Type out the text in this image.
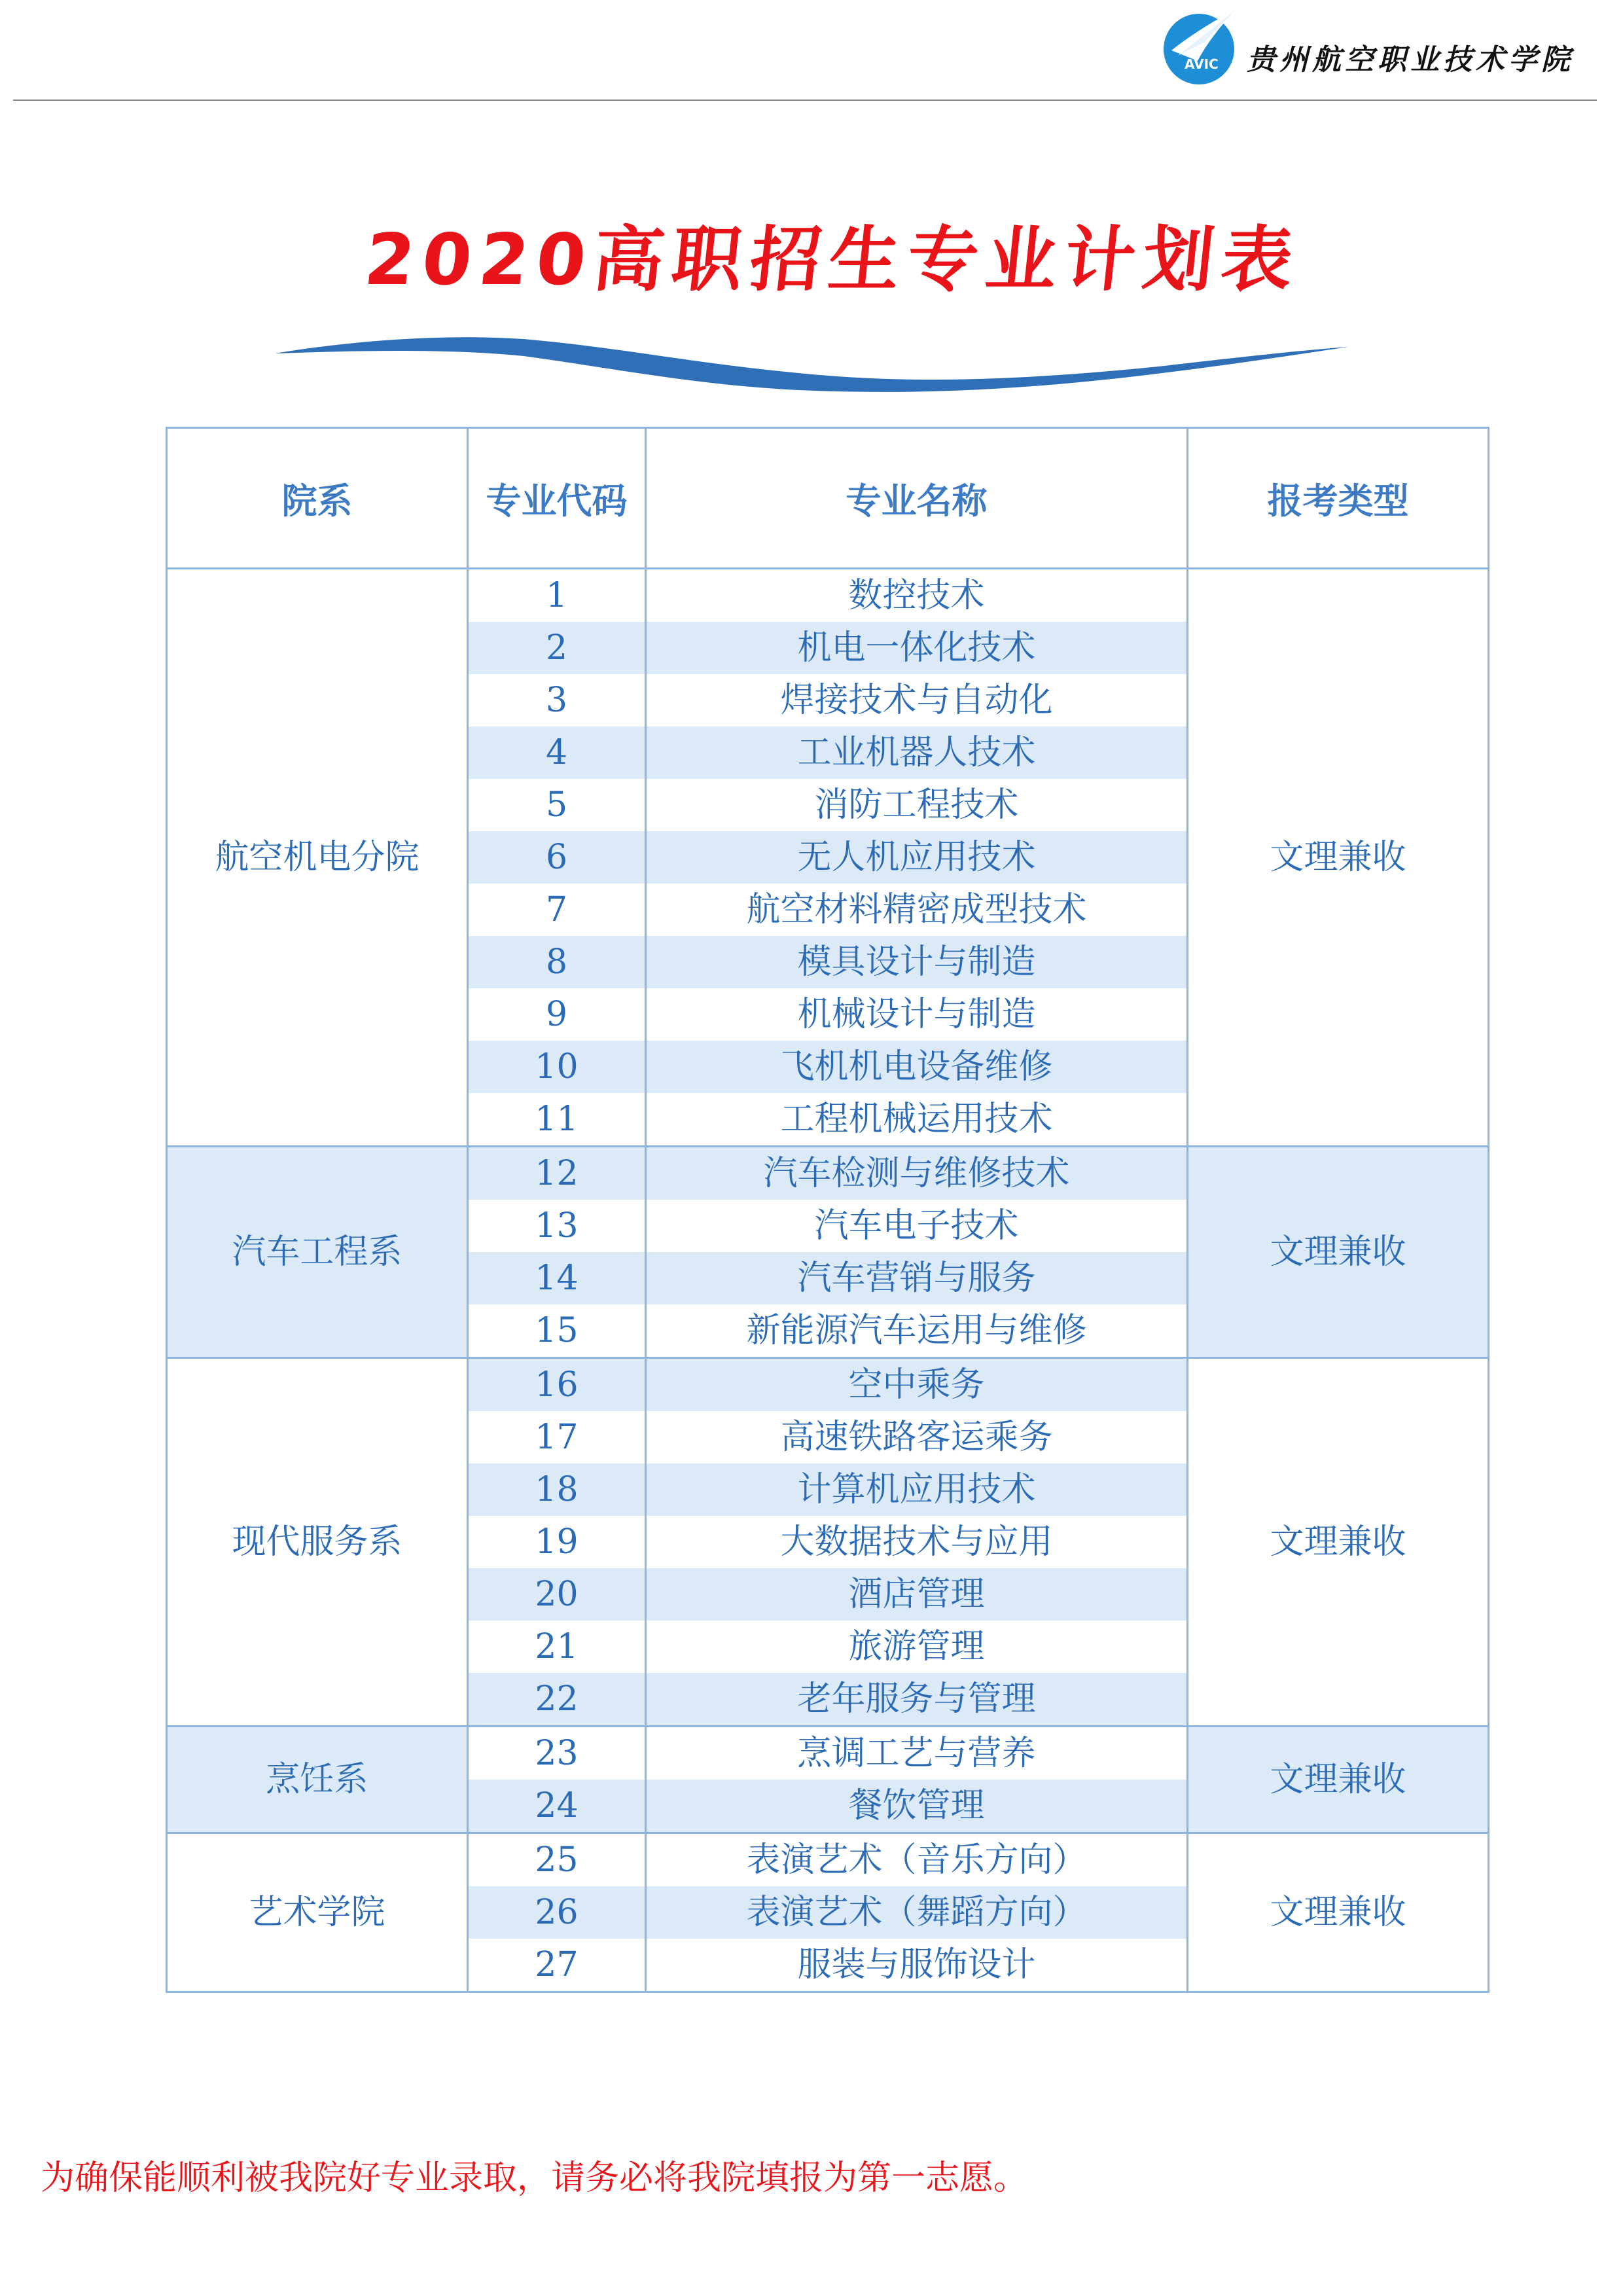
AVIC 贵州航空职业技术学院
2020高职招生专业计划表
院系	专业代码	专业名称	报考类型
航空机电分院	1	数控技术	文理兼收
	2	机电一体化技术	
	3	焊接技术与自动化	
	4	工业机器人技术	
	5	消防工程技术	
	6	无人机应用技术	
	7	航空材料精密成型技术	
	8	模具设计与制造	
	9	机械设计与制造	
	10	飞机机电设备维修	
	11	工程机械运用技术	
汽车工程系	12	汽车检测与维修技术	文理兼收
	13	汽车电子技术	
	14	汽车营销与服务	
	15	新能源汽车运用与维修	
现代服务系	16	空中乘务	文理兼收
	17	高速铁路客运乘务	
	18	计算机应用技术	
	19	大数据技术与应用	
	20	酒店管理	
	21	旅游管理	
	22	老年服务与管理	
烹饪系	23	烹调工艺与营养	文理兼收
	24	餐饮管理	
艺术学院	25	表演艺术（音乐方向）	文理兼收
	26	表演艺术（舞蹈方向）	
	27	服装与服饰设计	
为确保能顺利被我院好专业录取，请务必将我院填报为第一志愿。
